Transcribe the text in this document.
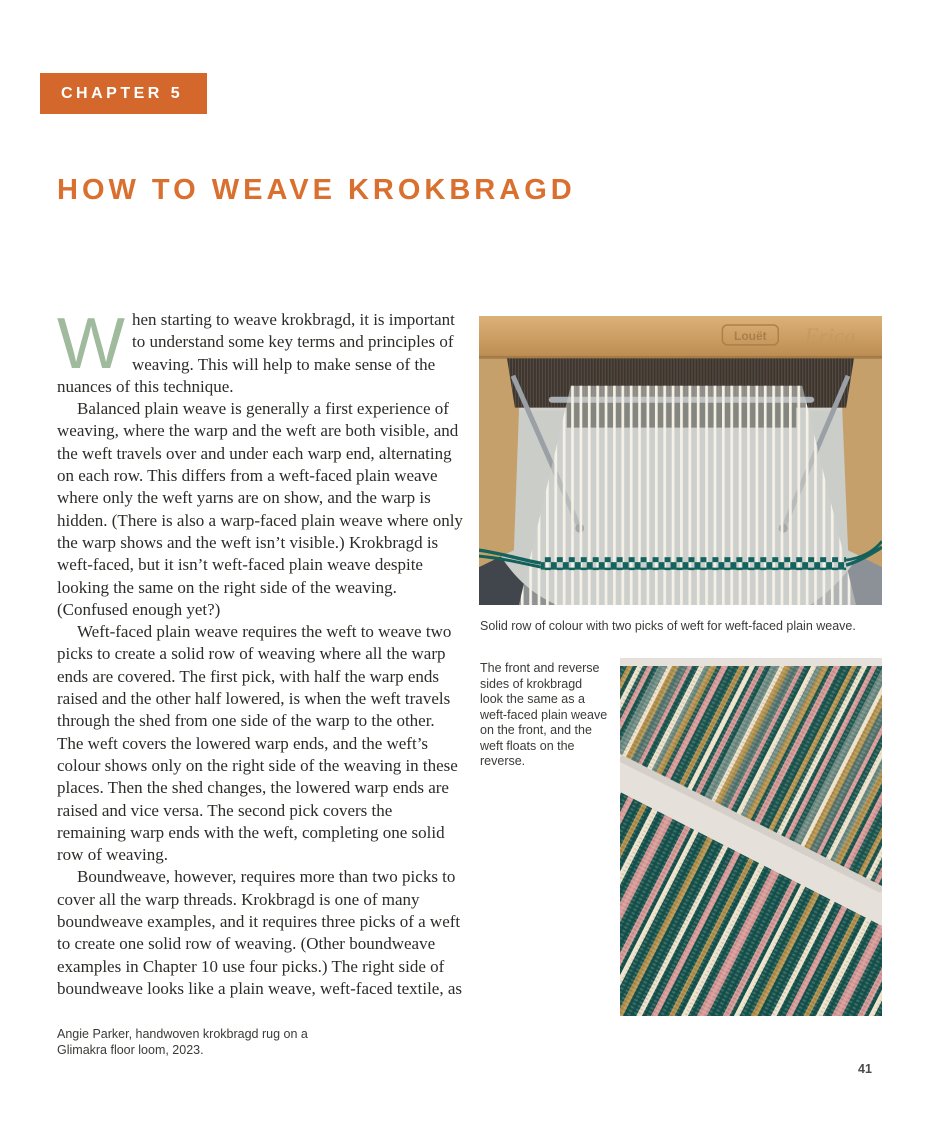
CHAPTER 5
HOW TO WEAVE KROKBRAGD

When starting to weave krokbragd, it is important to understand some key terms and principles of weaving. This will help to make sense of the nuances of this technique.

Balanced plain weave is generally a first experience of weaving, where the warp and the weft are both visible, and the weft travels over and under each warp end, alternating on each row. This differs from a weft-faced plain weave where only the weft yarns are on show, and the warp is hidden. (There is also a warp-faced plain weave where only the warp shows and the weft isn’t visible.) Krokbragd is weft-faced, but it isn’t weft-faced plain weave despite looking the same on the right side of the weaving. (Confused enough yet?)

Weft-faced plain weave requires the weft to weave two picks to create a solid row of weaving where all the warp ends are covered. The first pick, with half the warp ends raised and the other half lowered, is when the weft travels through the shed from one side of the warp to the other. The weft covers the lowered warp ends, and the weft’s colour shows only on the right side of the weaving in these places. Then the shed changes, the lowered warp ends are raised and vice versa. The second pick covers the remaining warp ends with the weft, completing one solid row of weaving.

Boundweave, however, requires more than two picks to cover all the warp threads. Krokbragd is one of many boundweave examples, and it requires three picks of a weft to create one solid row of weaving. (Other boundweave examples in Chapter 10 use four picks.) The right side of boundweave looks like a plain weave, weft-faced textile, as

Louët Erica

Solid row of colour with two picks of weft for weft-faced plain weave.

The front and reverse sides of krokbragd look the same as a weft-faced plain weave on the front, and the weft floats on the reverse.

Angie Parker, handwoven krokbragd rug on a Glimakra floor loom, 2023.

41
